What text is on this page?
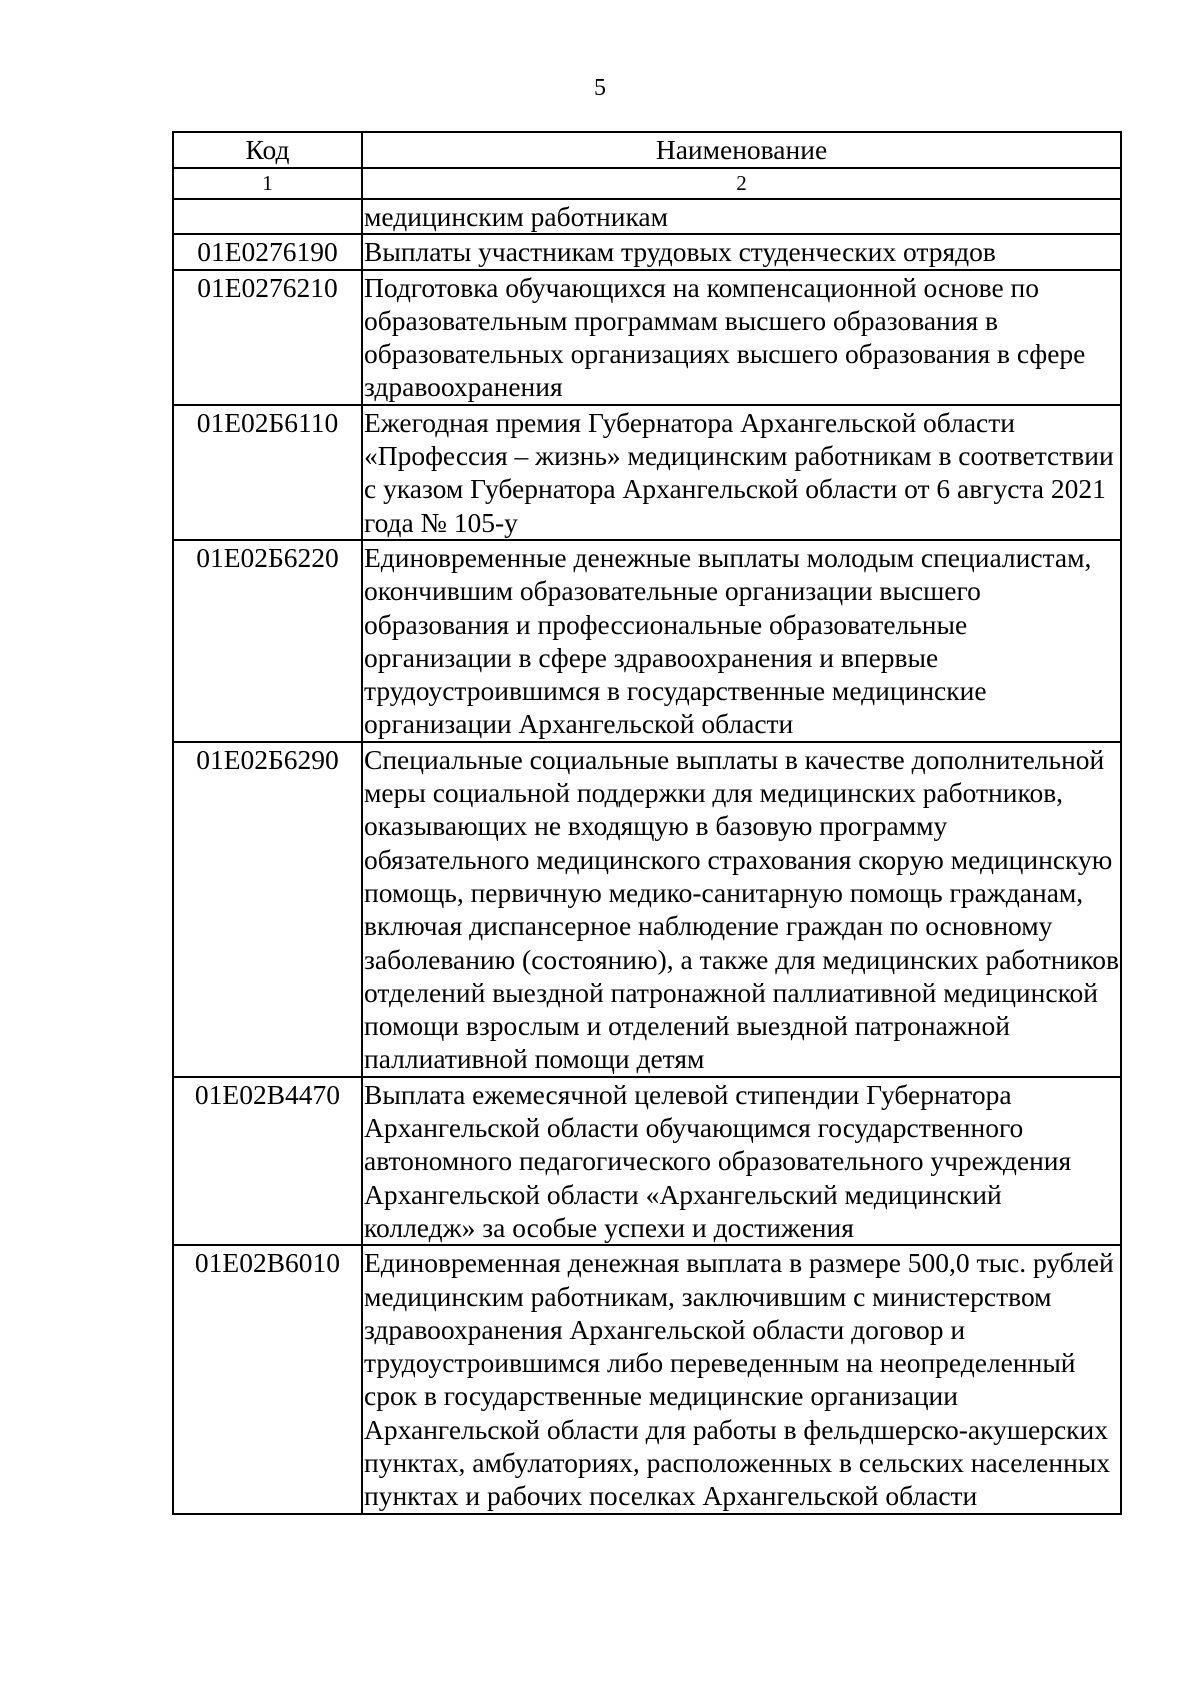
5
Код	Наименование
1	2
	медицинским работникам
01Е0276190	Выплаты участникам трудовых студенческих отрядов
01Е0276210	Подготовка обучающихся на компенсационной основе по образовательным программам высшего образования в образовательных организациях высшего образования в сфере здравоохранения
01Е02Б6110	Ежегодная премия Губернатора Архангельской области «Профессия – жизнь» медицинским работникам в соответствии с указом Губернатора Архангельской области от 6 августа 2021 года № 105-у
01Е02Б6220	Единовременные денежные выплаты молодым специалистам, окончившим образовательные организации высшего образования и профессиональные образовательные организации в сфере здравоохранения и впервые трудоустроившимся в государственные медицинские организации Архангельской области
01Е02Б6290	Специальные социальные выплаты в качестве дополнительной меры социальной поддержки для медицинских работников, оказывающих не входящую в базовую программу обязательного медицинского страхования скорую медицинскую помощь, первичную медико-санитарную помощь гражданам, включая диспансерное наблюдение граждан по основному заболеванию (состоянию), а также для медицинских работников отделений выездной патронажной паллиативной медицинской помощи взрослым и отделений выездной патронажной паллиативной помощи детям
01Е02В4470	Выплата ежемесячной целевой стипендии Губернатора Архангельской области обучающимся государственного автономного педагогического образовательного учреждения Архангельской области «Архангельский медицинский колледж» за особые успехи и достижения
01Е02В6010	Единовременная денежная выплата в размере 500,0 тыс. рублей медицинским работникам, заключившим с министерством здравоохранения Архангельской области договор и трудоустроившимся либо переведенным на неопределенный срок в государственные медицинские организации Архангельской области для работы в фельдшерско-акушерских пунктах, амбулаториях, расположенных в сельских населенных пунктах и рабочих поселках Архангельской области
